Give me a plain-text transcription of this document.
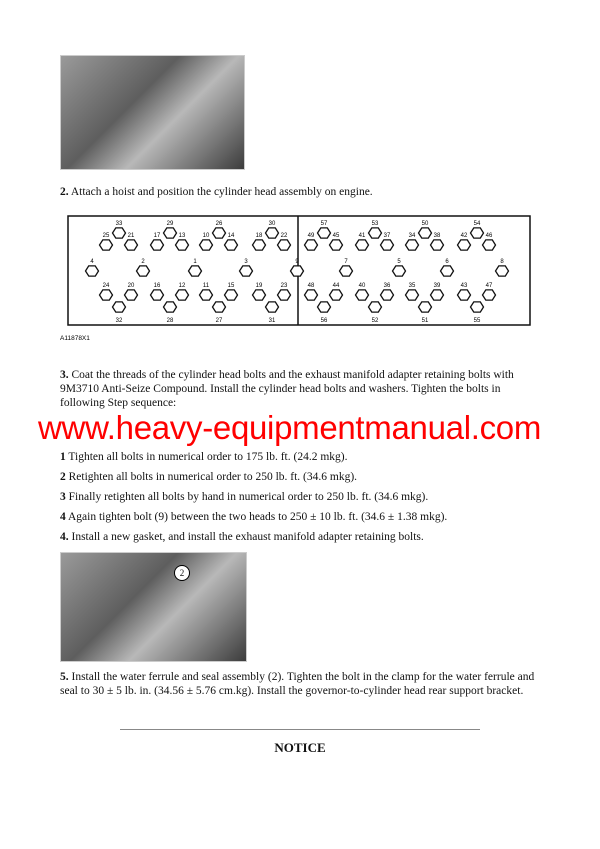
2. Attach a hoist and position the cylinder head assembly on engine.
33
25	21
24	20
32
29
17	13
16	12
28
26
10	14
11	15
27
30
18	22
19	23
31
57
49	45
48	44
56
53
41	37
40	36
52
50
34	38
35	39
51
54
42	46
43	47
55
4	2	1	3	9	7	5	6	8
A11878X1
3. Coat the threads of the cylinder head bolts and the exhaust manifold adapter retaining bolts with 9M3710 Anti-Seize Compound. Install the cylinder head bolts and washers. Tighten the bolts in following Step sequence:
www.heavy-equipmentmanual.com
1 Tighten all bolts in numerical order to 175 lb. ft. (24.2 mkg).
2 Retighten all bolts in numerical order to 250 lb. ft. (34.6 mkg).
3 Finally retighten all bolts by hand in numerical order to 250 lb. ft. (34.6 mkg).
4 Again tighten bolt (9) between the two heads to 250 ± 10 lb. ft. (34.6 ± 1.38 mkg).
4. Install a new gasket, and install the exhaust manifold adapter retaining bolts.
2
5. Install the water ferrule and seal assembly (2). Tighten the bolt in the clamp for the water ferrule and seal to 30 ± 5 lb. in. (34.56 ± 5.76 cm.kg). Install the governor-to-cylinder head rear support bracket.
NOTICE
